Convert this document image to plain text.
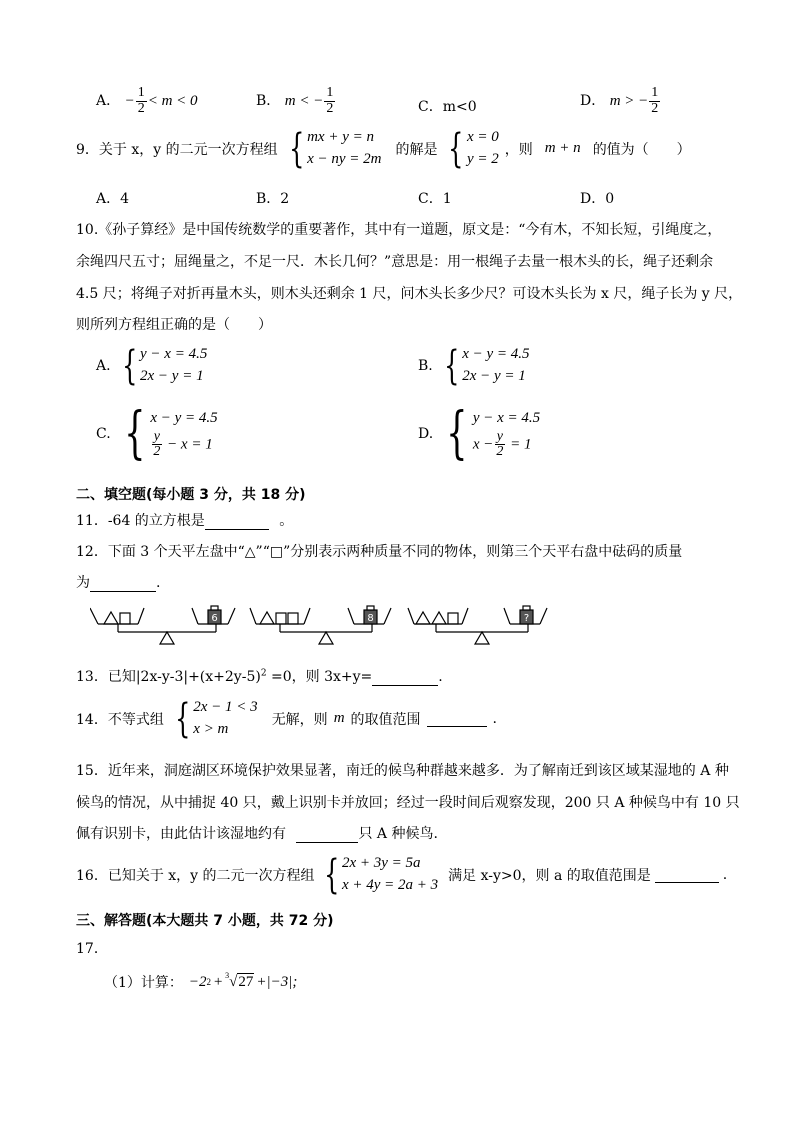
A． − $\frac{1}{2} < m < 0$	B． m < − $\frac{1}{2}$	C．m<0	D． m > − $\frac{1}{2}$
9．关于 x，y 的二元一次方程组 { mx + y = n
x − ny = 2m
的解是 { x = 0
y = 2
，则 m + n 的值为（　　）
A．4	B．2	C．1	D．0
10.《孙子算经》是中国传统数学的重要著作，其中有一道题，原文是：“今有木，不知长短，引绳度之，
余绳四尺五寸；屈绳量之，不足一尺．木长几何？”意思是：用一根绳子去量一根木头的长，绳子还剩余
4.5 尺；将绳子对折再量木头，则木头还剩余 1 尺，问木头长多少尺？可设木头长为 x 尺，绳子长为 y 尺，
则所列方程组正确的是（　　）
A. { y − x = 4.5
2x − y = 1
B. { x − y = 4.5
2x − y = 1
C. { x − y = 4.5
$\frac{y}{2} - x = 1$
D. { y − x = 4.5
$x - \frac{y}{2} = 1$
二、填空题(每小题 3 分，共 18 分)
11．-64 的立方根是	。
12．下面 3 个天平左盘中“△”“□”分别表示两种质量不同的物体，则第三个天平右盘中砝码的质量
为	.
6	8	?
13．已知$|2x-y-3|+(x+2y-5)^2 =0$，则 3x+y=	.
14．不等式组 { 2x − 1 < 3
x > m
无解，则 m 的取值范围
	.
15．近年来，洞庭湖区环境保护效果显著，南迁的候鸟种群越来越多．为了解南迁到该区域某湿地的 A 种
候鸟的情况，从中捕捉 40 只，戴上识别卡并放回；经过一段时间后观察发现，200 只 A 种候鸟中有 10 只
佩有识别卡，由此估计该湿地约有	只 A 种候鸟.
16．已知关于 x，y 的二元一次方程组 { 2x + 3y = 5a
x + 4y = 2a + 3
满足 x-y>0，则 a 的取值范围是
	.
三、解答题(本大题共 7 小题，共 72 分)
17．
（1）计算： −2 2 + $^3$√27 +|−3|;
